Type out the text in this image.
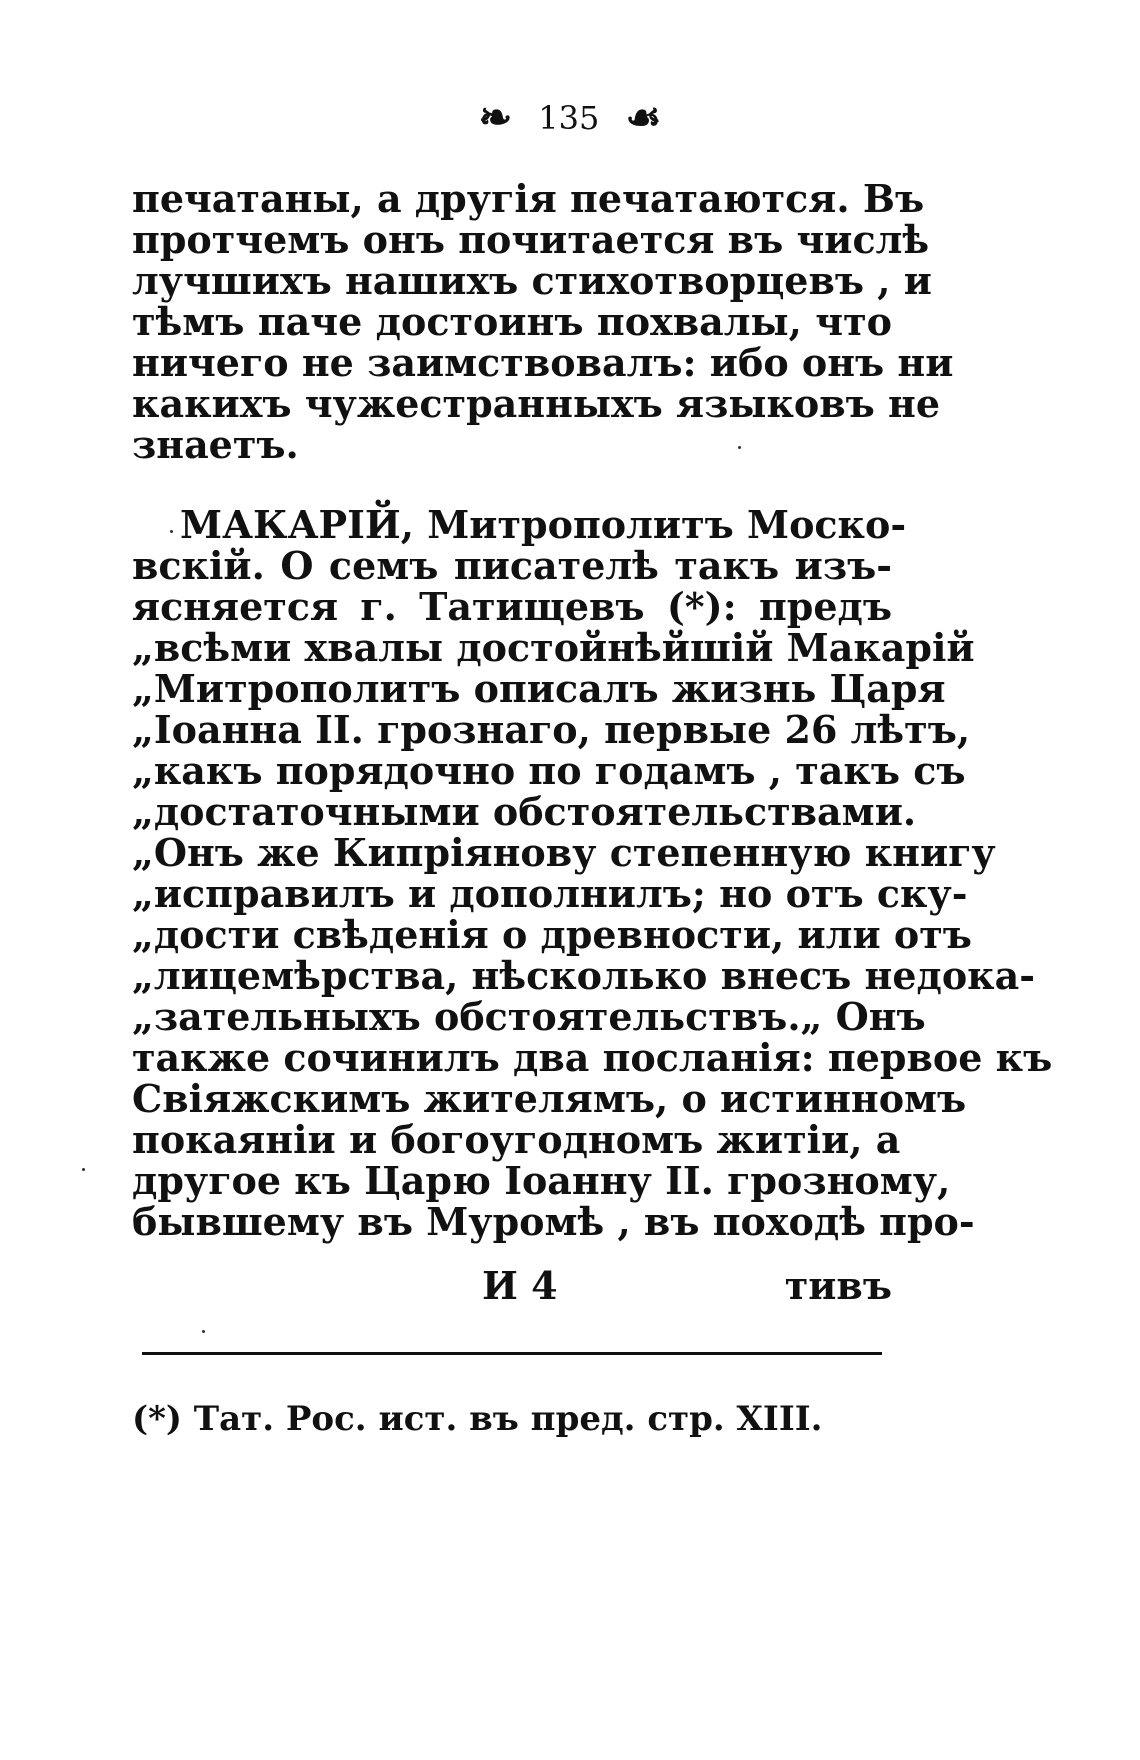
❧ 135 ☙
печатаны, а другія печатаются. Въ
протчемъ онъ почитается въ числѣ
лучшихъ нашихъ стихотворцевъ , и
тѣмъ паче достоинъ похвалы, что
ничего не заимствовалъ: ибо онъ ни
какихъ чужестранныхъ языковъ не
знаетъ.
МАКАРІЙ, Митрополитъ Моско-
вскій. О семъ писателѣ такъ изъ-
ясняется г. Татищевъ (*): предъ
„всѣми хвалы достойнѣйшій Макарій
„Митрополитъ описалъ жизнь Царя
„Іоанна II. грознаго, первые 26 лѣтъ,
„какъ порядочно по годамъ , такъ съ
„достаточными обстоятельствами.
„Онъ же Кипріянову степенную книгу
„исправилъ и дополнилъ; но отъ ску-
„дости свѣденія о древности, или отъ
„лицемѣрства, нѣсколько внесъ недока-
„зательныхъ обстоятельствъ.„ Онъ
также сочинилъ два посланія: первое къ
Свіяжскимъ жителямъ, о истинномъ
покаяніи и богоугодномъ житіи, а
другое къ Царю Іоанну II. грозному,
бывшему въ Муромѣ , въ походѣ про-
И 4	тивъ
(*) Тат. Рос. ист. въ пред. стр. XIII.
